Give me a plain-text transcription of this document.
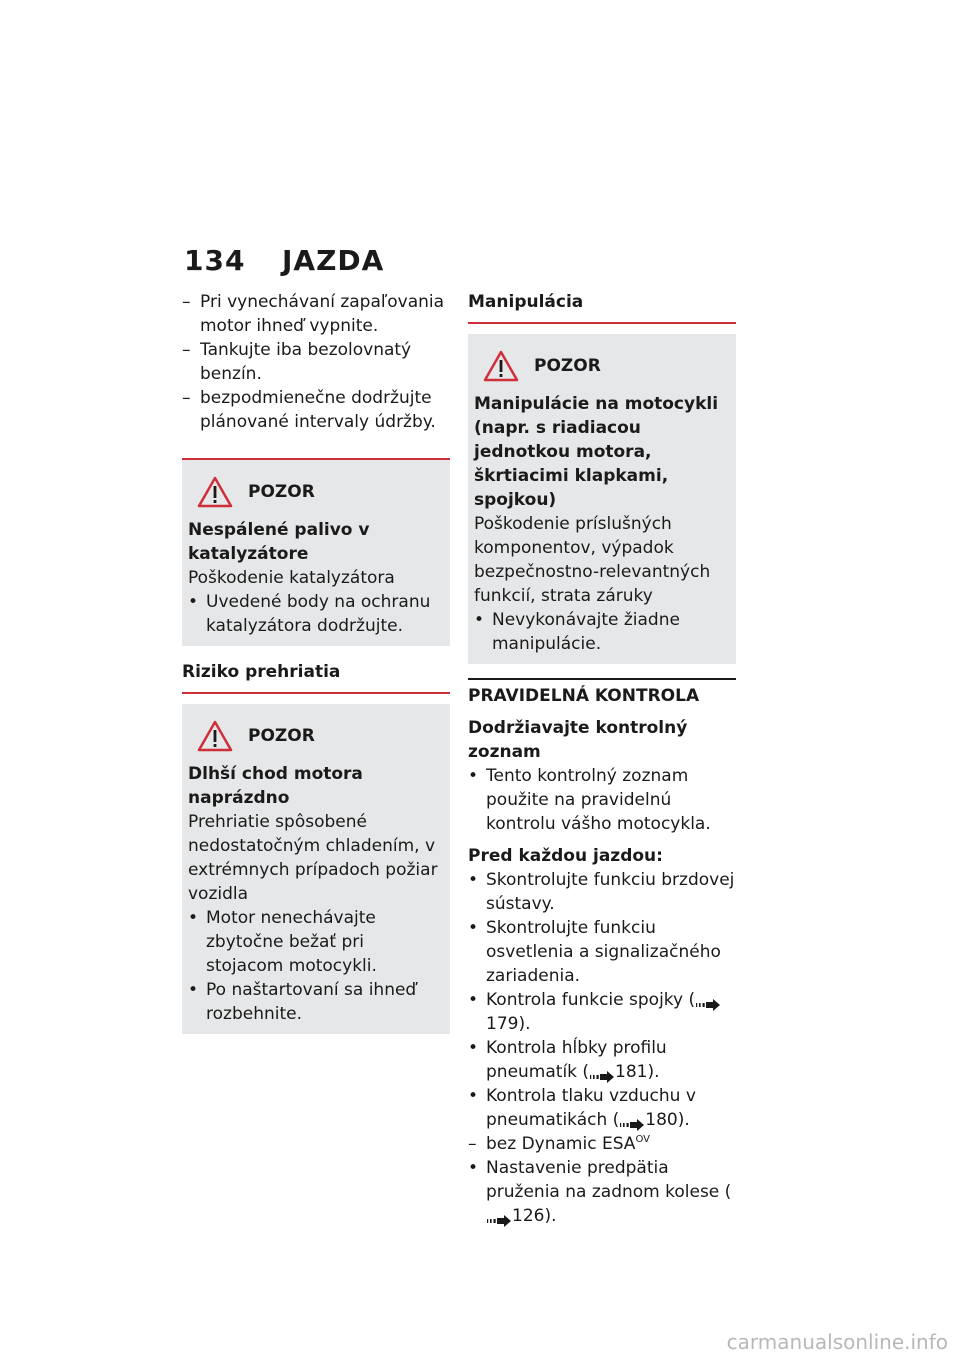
134 JAZDA
– Pri vynechávaní zapaľovania motor ihneď vypnite.
– Tankujte iba bezolovnatý benzín.
– bezpodmienečne dodržujte plánované intervaly údržby.
POZOR
Nespálené palivo v katalyzátore
Poškodenie katalyzátora
• Uvedené body na ochranu katalyzátora dodržujte.
Riziko prehriatia
POZOR
Dlhší chod motora naprázdno
Prehriatie spôsobené nedostatočným chladením, v extrémnych prípadoch požiar vozidla
• Motor nenechávajte zbytočne bežať pri stojacom motocykli.
• Po naštartovaní sa ihneď rozbehnite.
Manipulácia
POZOR
Manipulácie na motocykli (napr. s riadiacou jednotkou motora, škrtiacimi klapkami, spojkou)
Poškodenie príslušných komponentov, výpadok bezpečnostno-relevantných funkcií, strata záruky
• Nevykonávajte žiadne manipulácie.
PRAVIDELNÁ KONTROLA
Dodržiavajte kontrolný zoznam
• Tento kontrolný zoznam použite na pravidelnú kontrolu vášho motocykla.
Pred každou jazdou:
• Skontrolujte funkciu brzdovej sústavy.
• Skontrolujte funkciu osvetlenia a signalizačného zariadenia.
• Kontrola funkcie spojky (179).
• Kontrola hĺbky profilu pneumatík ( 181).
• Kontrola tlaku vzduchu v pneumatikách ( 180).
– bez Dynamic $ESA^{OV}$
• Nastavenie predpätia pruženia na zadnom kolese (126).
carmanualsonline.info
